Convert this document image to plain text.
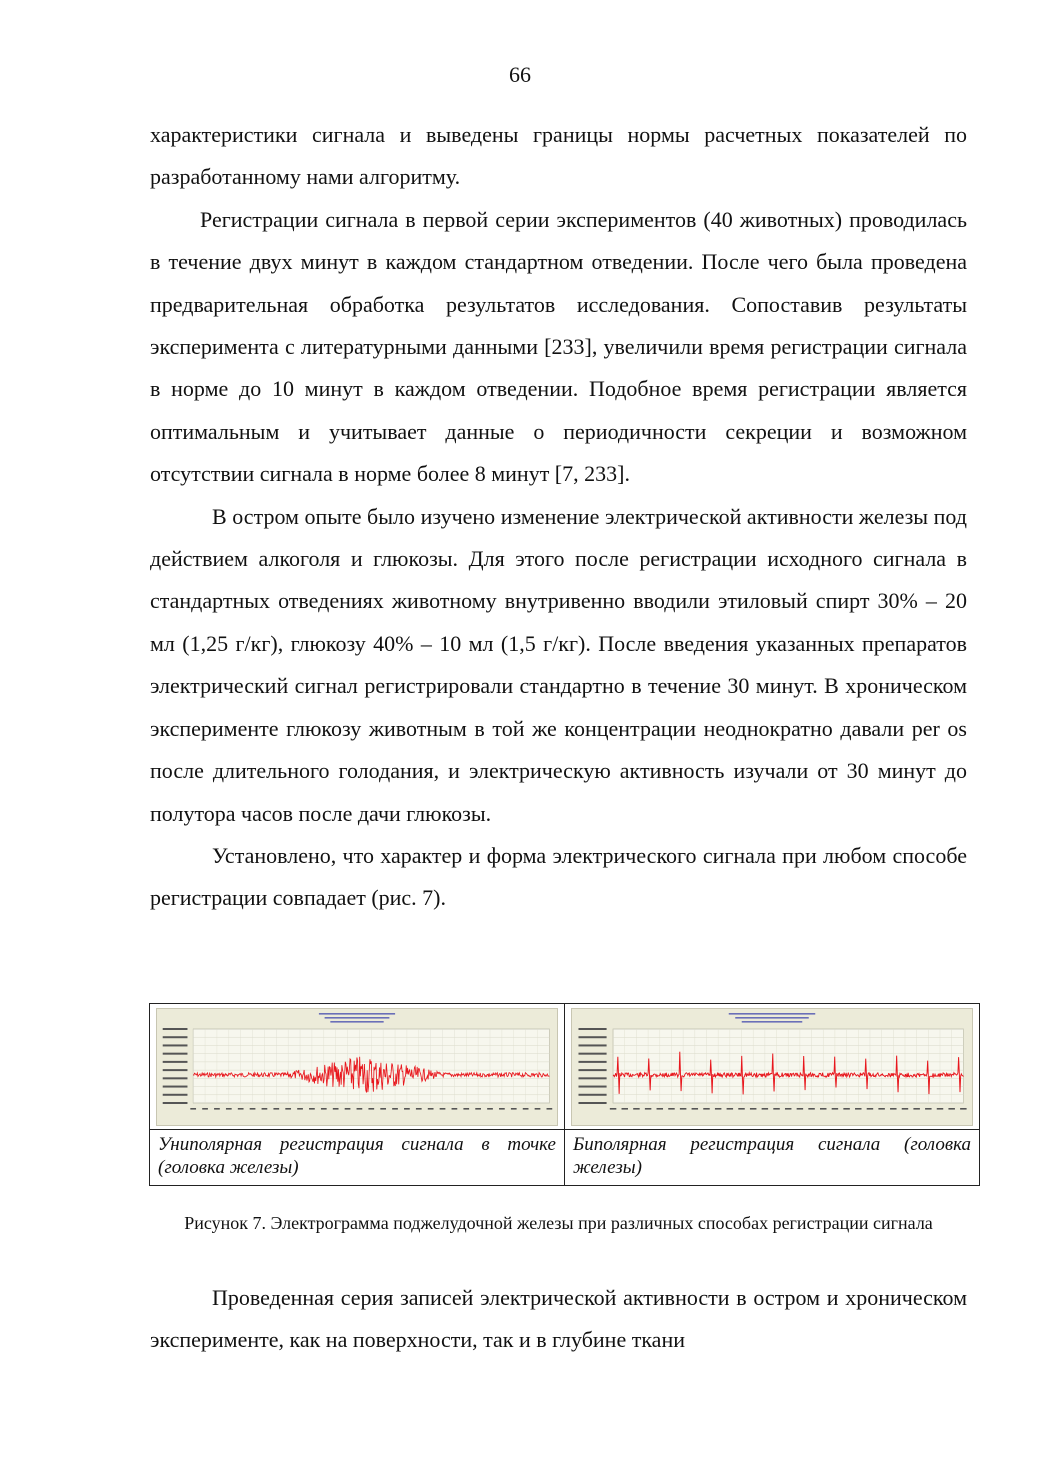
66

характеристики сигнала и выведены границы нормы расчетных показателей по разработанному нами алгоритму.

Регистрации сигнала в первой серии экспериментов (40 животных) проводилась в течение двух минут в каждом стандартном отведении. После чего была проведена предварительная обработка результатов исследования. Сопоставив результаты эксперимента с литературными данными [233], увеличили время регистрации сигнала в норме до 10 минут в каждом отведении. Подобное время регистрации является оптимальным и учитывает данные о периодичности секреции и возможном отсутствии сигнала в норме более 8 минут [7, 233].

В остром опыте было изучено изменение электрической активности железы под действием алкоголя и глюкозы. Для этого после регистрации исходного сигнала в стандартных отведениях животному внутривенно вводили этиловый спирт 30% – 20 мл (1,25 г/кг), глюкозу 40% – 10 мл (1,5 г/кг). После введения указанных препаратов электрический сигнал регистрировали стандартно в течение 30 минут. В хроническом эксперименте глюкозу животным в той же концентрации неоднократно давали per os после длительного голодания, и электрическую активность изучали от 30 минут до полутора часов после дачи глюкозы.

Установлено, что характер и форма электрического сигнала при любом способе регистрации совпадает (рис. 7).

Униполярная регистрация сигнала в точке (головка железы)	Биполярная регистрация сигнала (головка железы)
Рисунок 7. Электрограмма поджелудочной железы при различных способах регистрации сигнала

Проведенная серия записей электрической активности в остром и хроническом эксперименте, как на поверхности, так и в глубине ткани
